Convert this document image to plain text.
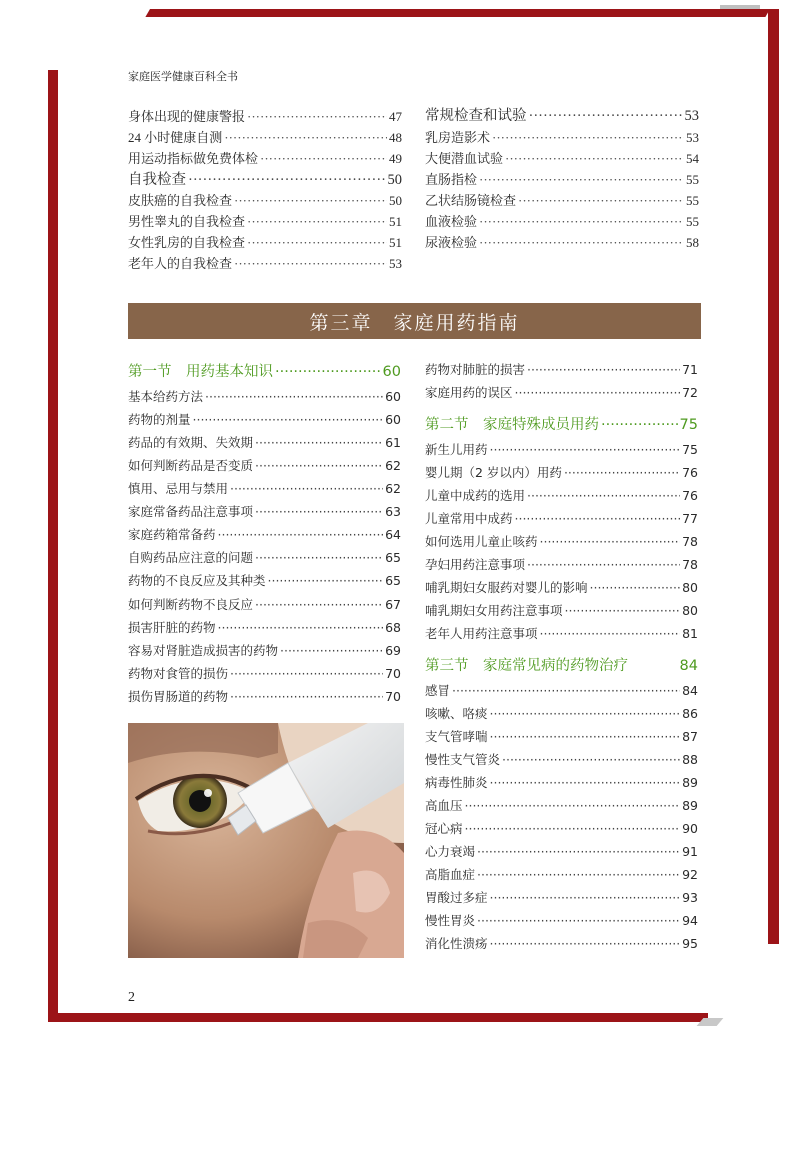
家庭医学健康百科全书
身体出现的健康警报 ·····	47
24 小时健康自测 ·····	48
用运动指标做免费体检 ·····	49
自我检查 ·····	50
皮肤癌的自我检查 ·····	50
男性睾丸的自我检查 ·····	51
女性乳房的自我检查 ·····	51
老年人的自我检查 ·····	53
常规检查和试验 ·····	53
乳房造影术 ·····	53
大便潜血试验 ·····	54
直肠指检 ·····	55
乙状结肠镜检查 ·····	55
血液检验 ·····	55
尿液检验 ·····	58
第三章　家庭用药指南
第一节　用药基本知识 ·····	60
基本给药方法 ·····	60
药物的剂量 ·····	60
药品的有效期、失效期 ·····	61
如何判断药品是否变质 ·····	62
慎用、忌用与禁用 ·····	62
家庭常备药品注意事项 ·····	63
家庭药箱常备药 ·····	64
自购药品应注意的问题 ·····	65
药物的不良反应及其种类 ·····	65
如何判断药物不良反应 ·····	67
损害肝脏的药物 ·····	68
容易对肾脏造成损害的药物 ·····	69
药物对食管的损伤 ·····	70
损伤胃肠道的药物 ·····	70
药物对肺脏的损害 ·····	71
家庭用药的误区 ·····	72
第二节　家庭特殊成员用药 ·····	75
新生儿用药 ·····	75
婴儿期（2 岁以内）用药 ·····	76
儿童中成药的选用 ·····	76
儿童常用中成药 ·····	77
如何选用儿童止咳药 ·····	78
孕妇用药注意事项 ·····	78
哺乳期妇女服药对婴儿的影响 ·····	80
哺乳期妇女用药注意事项 ·····	80
老年人用药注意事项 ·····	81
第三节　家庭常见病的药物治疗	84
感冒 ·····	84
咳嗽、咯痰 ·····	86
支气管哮喘 ·····	87
慢性支气管炎 ·····	88
病毒性肺炎 ·····	89
高血压 ·····	89
冠心病 ·····	90
心力衰竭 ·····	91
高脂血症 ·····	92
胃酸过多症 ·····	93
慢性胃炎 ·····	94
消化性溃疡 ·····	95
2
